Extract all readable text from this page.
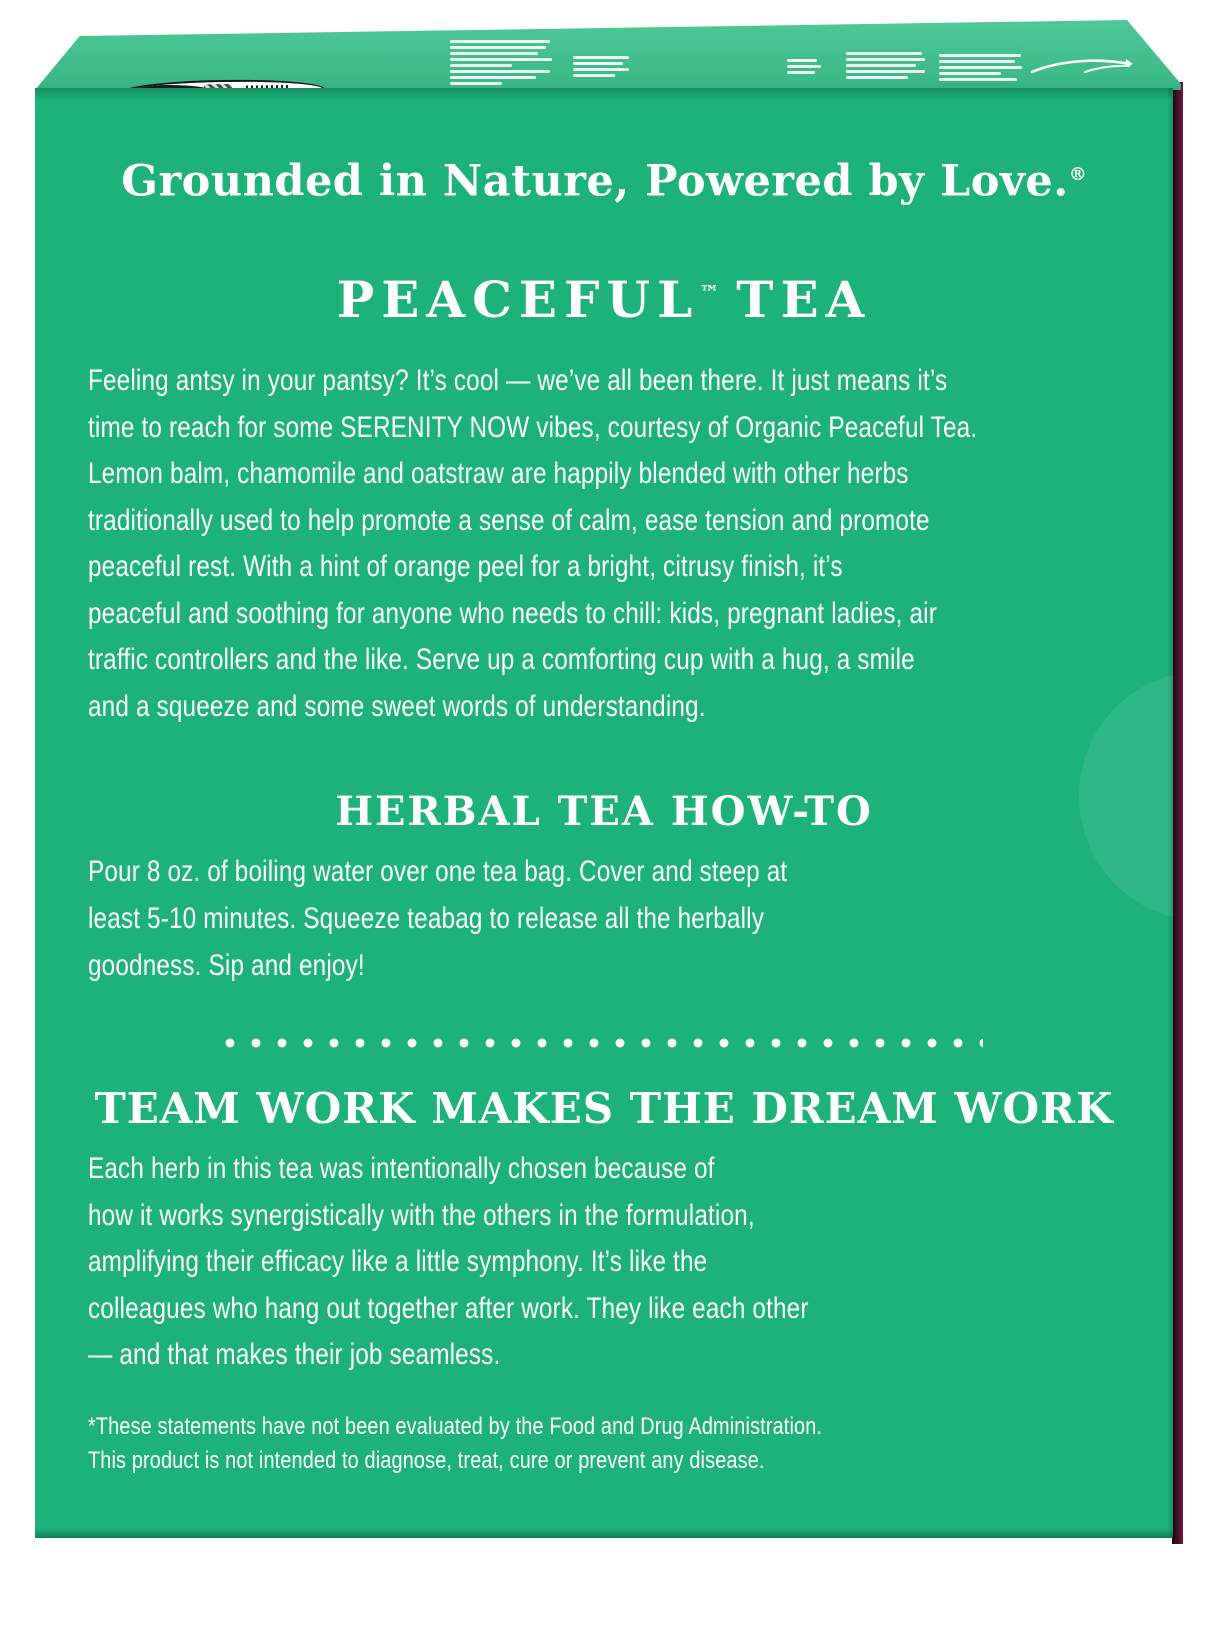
Grounded in Nature, Powered by Love.®
PEACEFUL™ TEA
Feeling antsy in your pantsy? It’s cool — we’ve all been there. It just means it’s
time to reach for some SERENITY NOW vibes, courtesy of Organic Peaceful Tea.
Lemon balm, chamomile and oatstraw are happily blended with other herbs
traditionally used to help promote a sense of calm, ease tension and promote
peaceful rest. With a hint of orange peel for a bright, citrusy finish, it’s
peaceful and soothing for anyone who needs to chill: kids, pregnant ladies, air
traffic controllers and the like. Serve up a comforting cup with a hug, a smile
and a squeeze and some sweet words of understanding.
HERBAL TEA HOW-TO
Pour 8 oz. of boiling water over one tea bag. Cover and steep at
least 5-10 minutes. Squeeze teabag to release all the herbally
goodness. Sip and enjoy!
TEAM WORK MAKES THE DREAM WORK
Each herb in this tea was intentionally chosen because of
how it works synergistically with the others in the formulation,
amplifying their efficacy like a little symphony. It’s like the
colleagues who hang out together after work. They like each other
— and that makes their job seamless.
*These statements have not been evaluated by the Food and Drug Administration.
This product is not intended to diagnose, treat, cure or prevent any disease.
